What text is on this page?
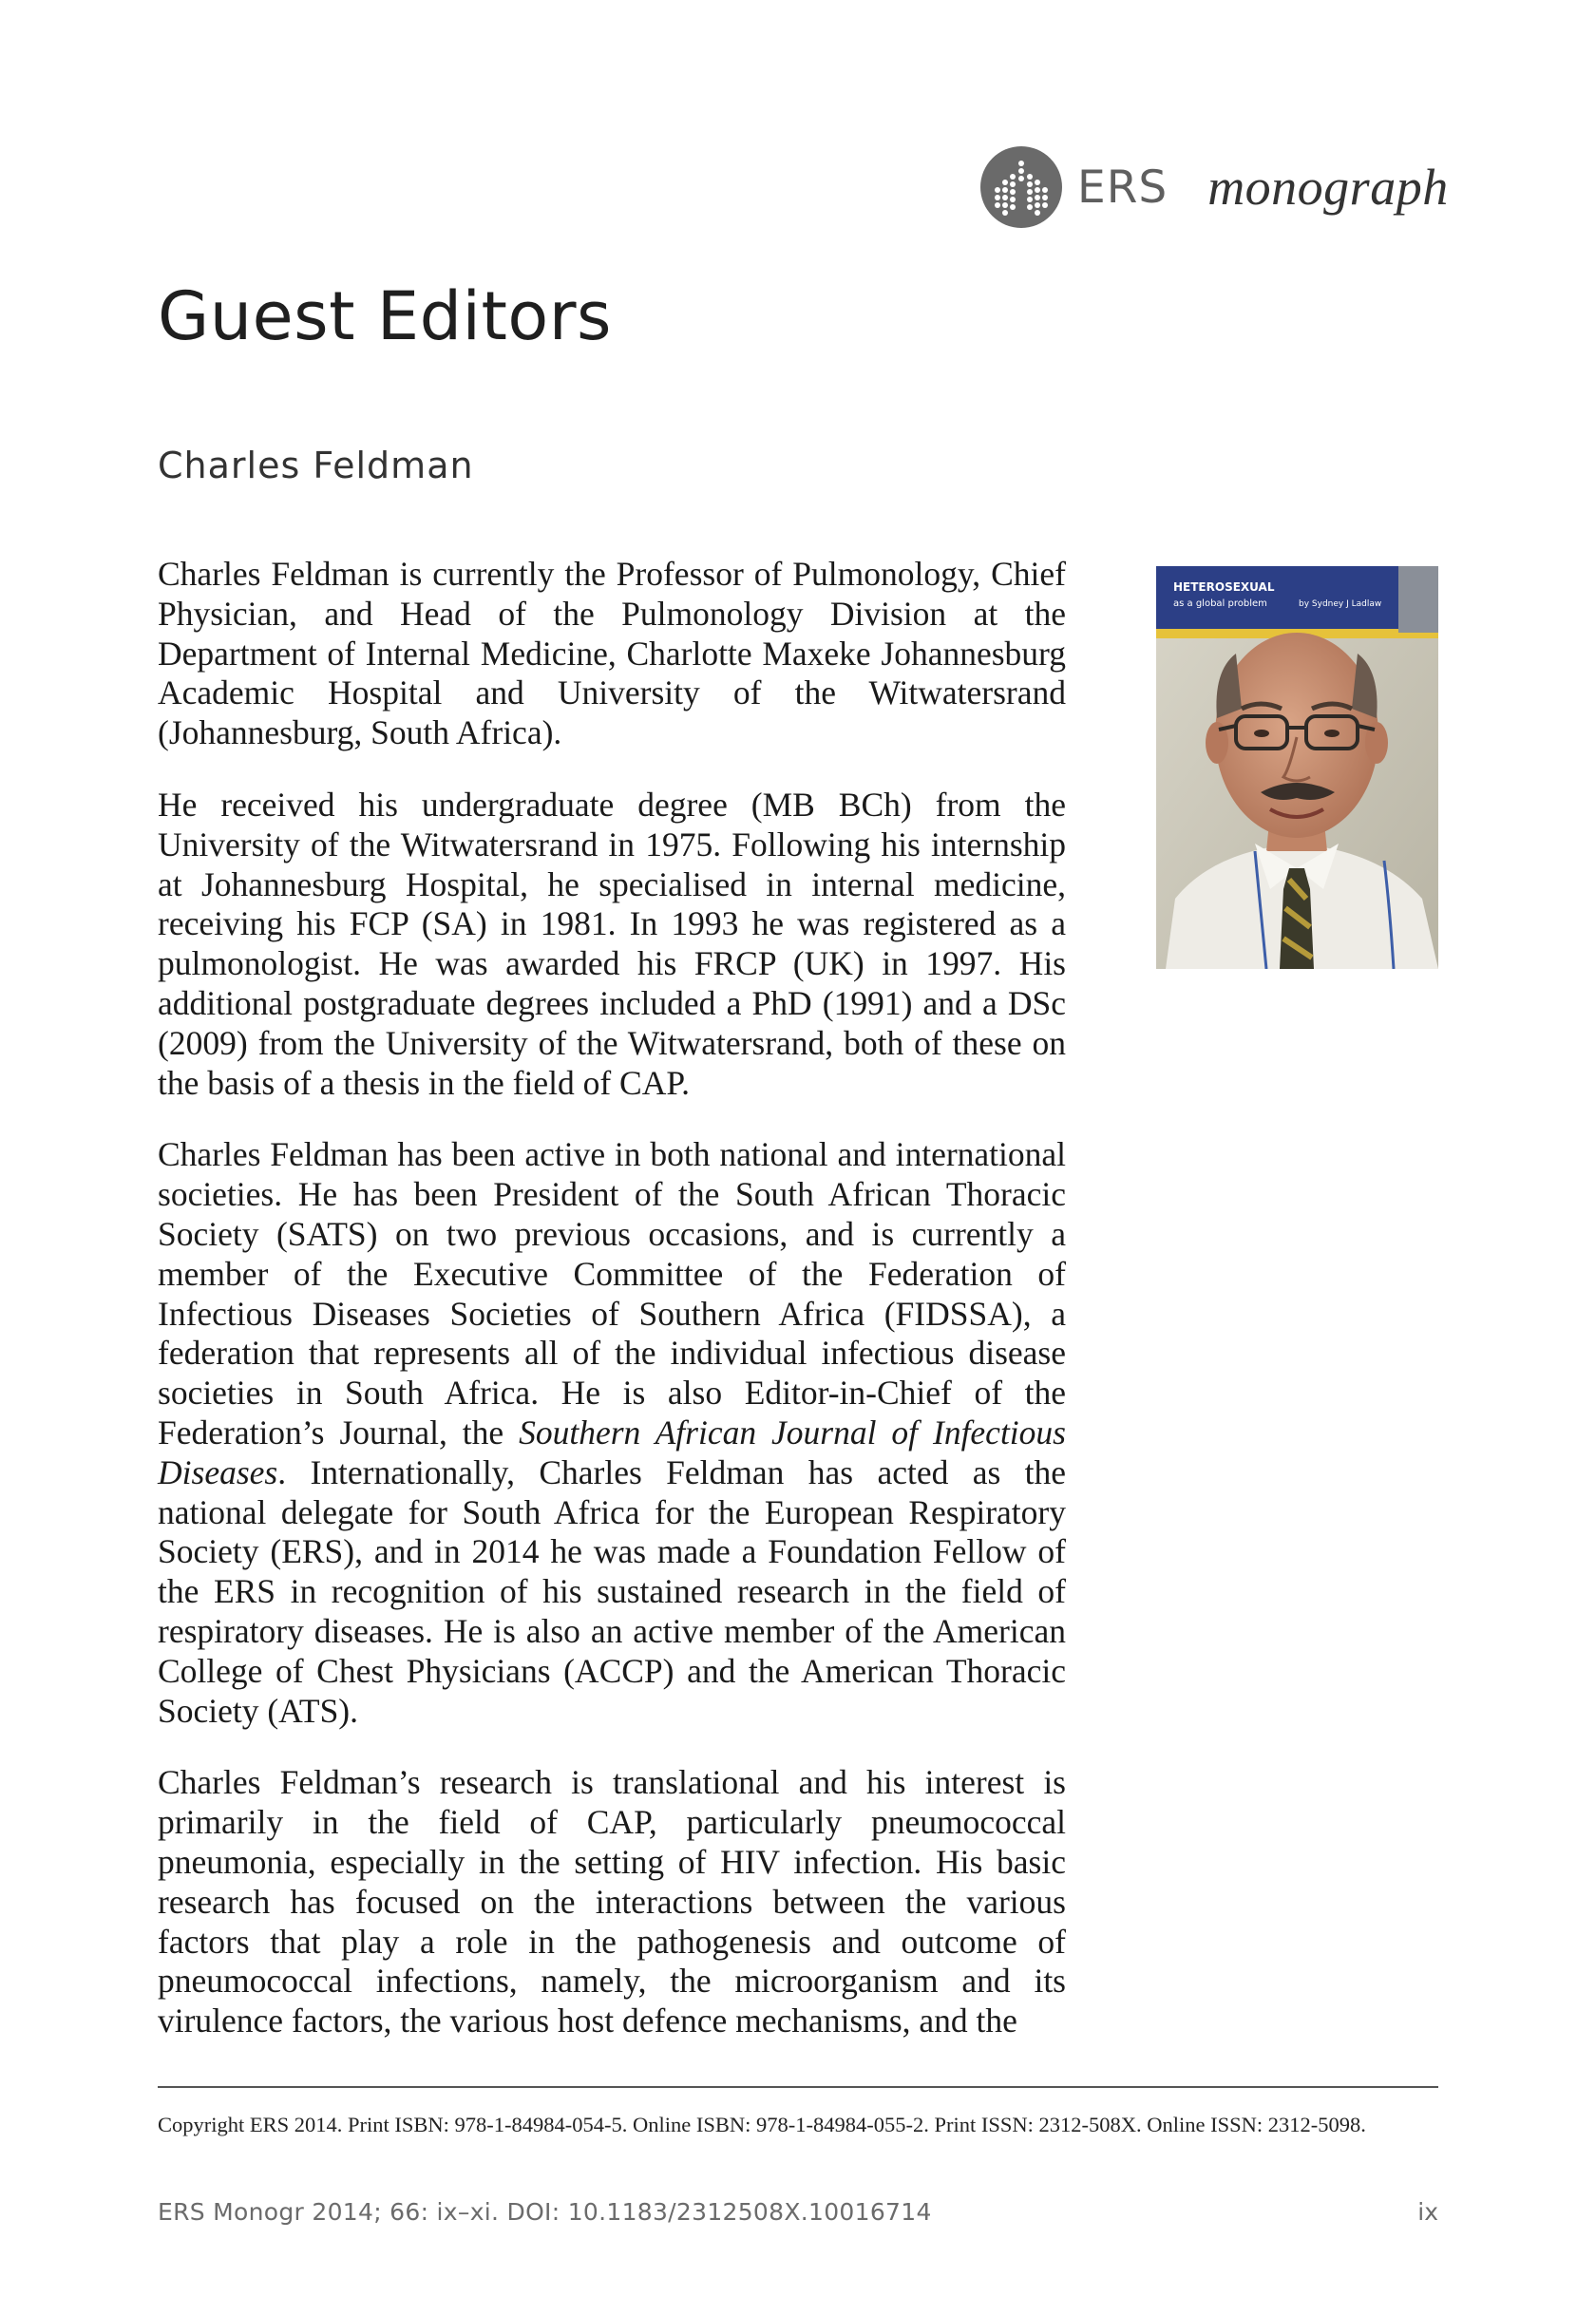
ERS monograph
Guest Editors
Charles Feldman

Charles Feldman is currently the Professor of Pulmonology, Chief Physician, and Head of the Pulmonology Division at the Department of Internal Medicine, Charlotte Maxeke Johannesburg Academic Hospital and University of the Witwatersrand (Johannesburg, South Africa).

He received his undergraduate degree (MB BCh) from the University of the Witwatersrand in 1975. Following his internship at Johannesburg Hospital, he specialised in internal medicine, receiving his FCP (SA) in 1981. In 1993 he was registered as a pulmonologist. He was awarded his FRCP (UK) in 1997. His additional postgraduate degrees included a PhD (1991) and a DSc (2009) from the University of the Witwatersrand, both of these on the basis of a thesis in the field of CAP.

Charles Feldman has been active in both national and international societies. He has been President of the South African Thoracic Society (SATS) on two previous occasions, and is currently a member of the Executive Committee of the Federation of Infectious Diseases Societies of Southern Africa (FIDSSA), a federation that represents all of the individual infectious disease societies in South Africa. He is also Editor-in-Chief of the Federation’s Journal, the Southern African Journal of Infectious Diseases. Internationally, Charles Feldman has acted as the national delegate for South Africa for the European Respiratory Society (ERS), and in 2014 he was made a Foundation Fellow of the ERS in recognition of his sustained research in the field of respiratory diseases. He is also an active member of the American College of Chest Physicians (ACCP) and the American Thoracic Society (ATS).

Charles Feldman’s research is translational and his interest is primarily in the field of CAP, particularly pneumococcal pneumonia, especially in the setting of HIV infection. His basic research has focused on the interactions between the various factors that play a role in the pathogenesis and outcome of pneumococcal infections, namely, the microorganism and its virulence factors, the various host defence mechanisms, and the

HETEROSEXUAL
as a global problem	by Sydney J Ladlaw
Copyright ERS 2014. Print ISBN: 978-1-84984-054-5. Online ISBN: 978-1-84984-055-2. Print ISSN: 2312-508X. Online ISSN: 2312-5098.
ERS Monogr 2014; 66: ix–xi. DOI: 10.1183/2312508X.10016714	ix
